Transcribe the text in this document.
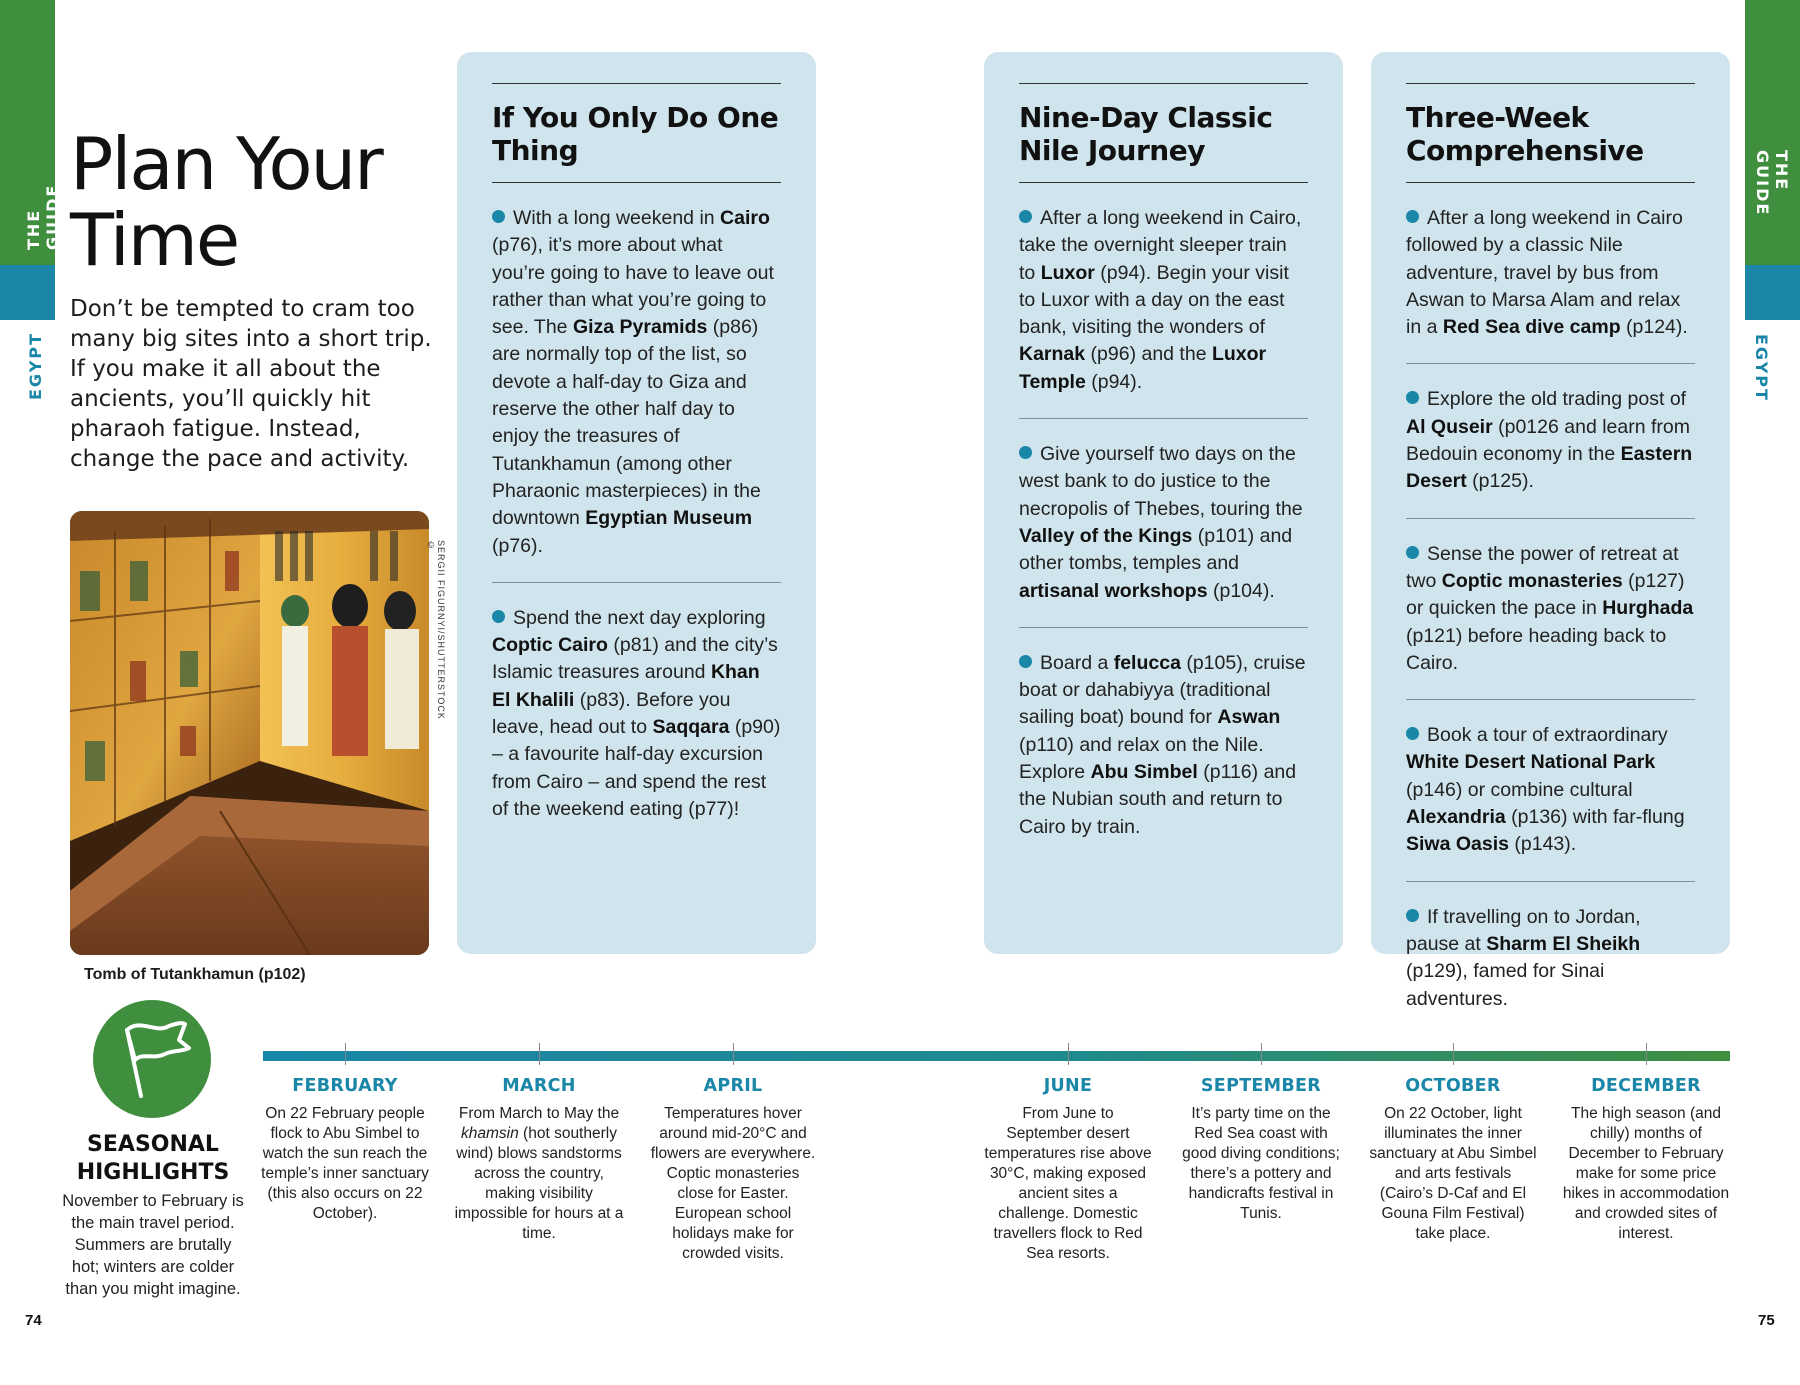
THE GUIDE
EGYPT
THE GUIDE
EGYPT
Plan Your
Time
Don’t be tempted to cram too many big sites into a short trip. If you make it all about the ancients, you’ll quickly hit pharaoh fatigue. Instead, change the pace and activity.
SERGII FIGURNYI/SHUTTERSTOCK ©
Tomb of Tutankhamun (p102)
If You Only Do One
Thing
With a long weekend in Cairo (p76), it’s more about what you’re going to have to leave out rather than what you’re going to see. The Giza Pyramids (p86) are normally top of the list, so devote a half-day to Giza and reserve the other half day to enjoy the treasures of Tutankhamun (among other Pharaonic masterpieces) in the downtown Egyptian Museum (p76).
Spend the next day exploring Coptic Cairo (p81) and the city’s Islamic treasures around Khan El Khalili (p83). Before you leave, head out to Saqqara (p90) – a favourite half-day excursion from Cairo – and spend the rest of the weekend eating (p77)!
Nine-Day Classic
Nile Journey
After a long weekend in Cairo, take the overnight sleeper train to Luxor (p94). Begin your visit to Luxor with a day on the east bank, visiting the wonders of Karnak (p96) and the Luxor Temple (p94).
Give yourself two days on the west bank to do justice to the necropolis of Thebes, touring the Valley of the Kings (p101) and other tombs, temples and artisanal workshops (p104).
Board a felucca (p105), cruise boat or dahabiyya (traditional sailing boat) bound for Aswan (p110) and relax on the Nile. Explore Abu Simbel (p116) and the Nubian south and return to Cairo by train.
Three-Week
Comprehensive
After a long weekend in Cairo followed by a classic Nile adventure, travel by bus from Aswan to Marsa Alam and relax in a Red Sea dive camp (p124).
Explore the old trading post of Al Quseir (p0126 and learn from Bedouin economy in the Eastern Desert (p125).
Sense the power of retreat at two Coptic monasteries (p127) or quicken the pace in Hurghada (p121) before heading back to Cairo.
Book a tour of extraordinary White Desert National Park (p146) or combine cultural Alexandria (p136) with far-flung Siwa Oasis (p143).
If travelling on to Jordan, pause at Sharm El Sheikh (p129), famed for Sinai adventures.
SEASONAL
HIGHLIGHTS
November to February is the main travel period. Summers are brutally hot; winters are colder than you might imagine.
FEBRUARY
On 22 February people flock to Abu Simbel to watch the sun reach the temple’s inner sanctuary (this also occurs on 22 October).
MARCH
From March to May the khamsin (hot southerly wind) blows sandstorms across the country, making visibility impossible for hours at a time.
APRIL
Temperatures hover around mid-20°C and flowers are everywhere. Coptic monasteries close for Easter. European school holidays make for crowded visits.
JUNE
From June to September desert temperatures rise above 30°C, making exposed ancient sites a challenge. Domestic travellers flock to Red Sea resorts.
SEPTEMBER
It’s party time on the Red Sea coast with good diving conditions; there’s a pottery and handicrafts festival in Tunis.
OCTOBER
On 22 October, light illuminates the inner sanctuary at Abu Simbel and arts festivals (Cairo’s D-Caf and El Gouna Film Festival) take place.
DECEMBER
The high season (and chilly) months of December to February make for some price hikes in accommodation and crowded sites of interest.
74	75
